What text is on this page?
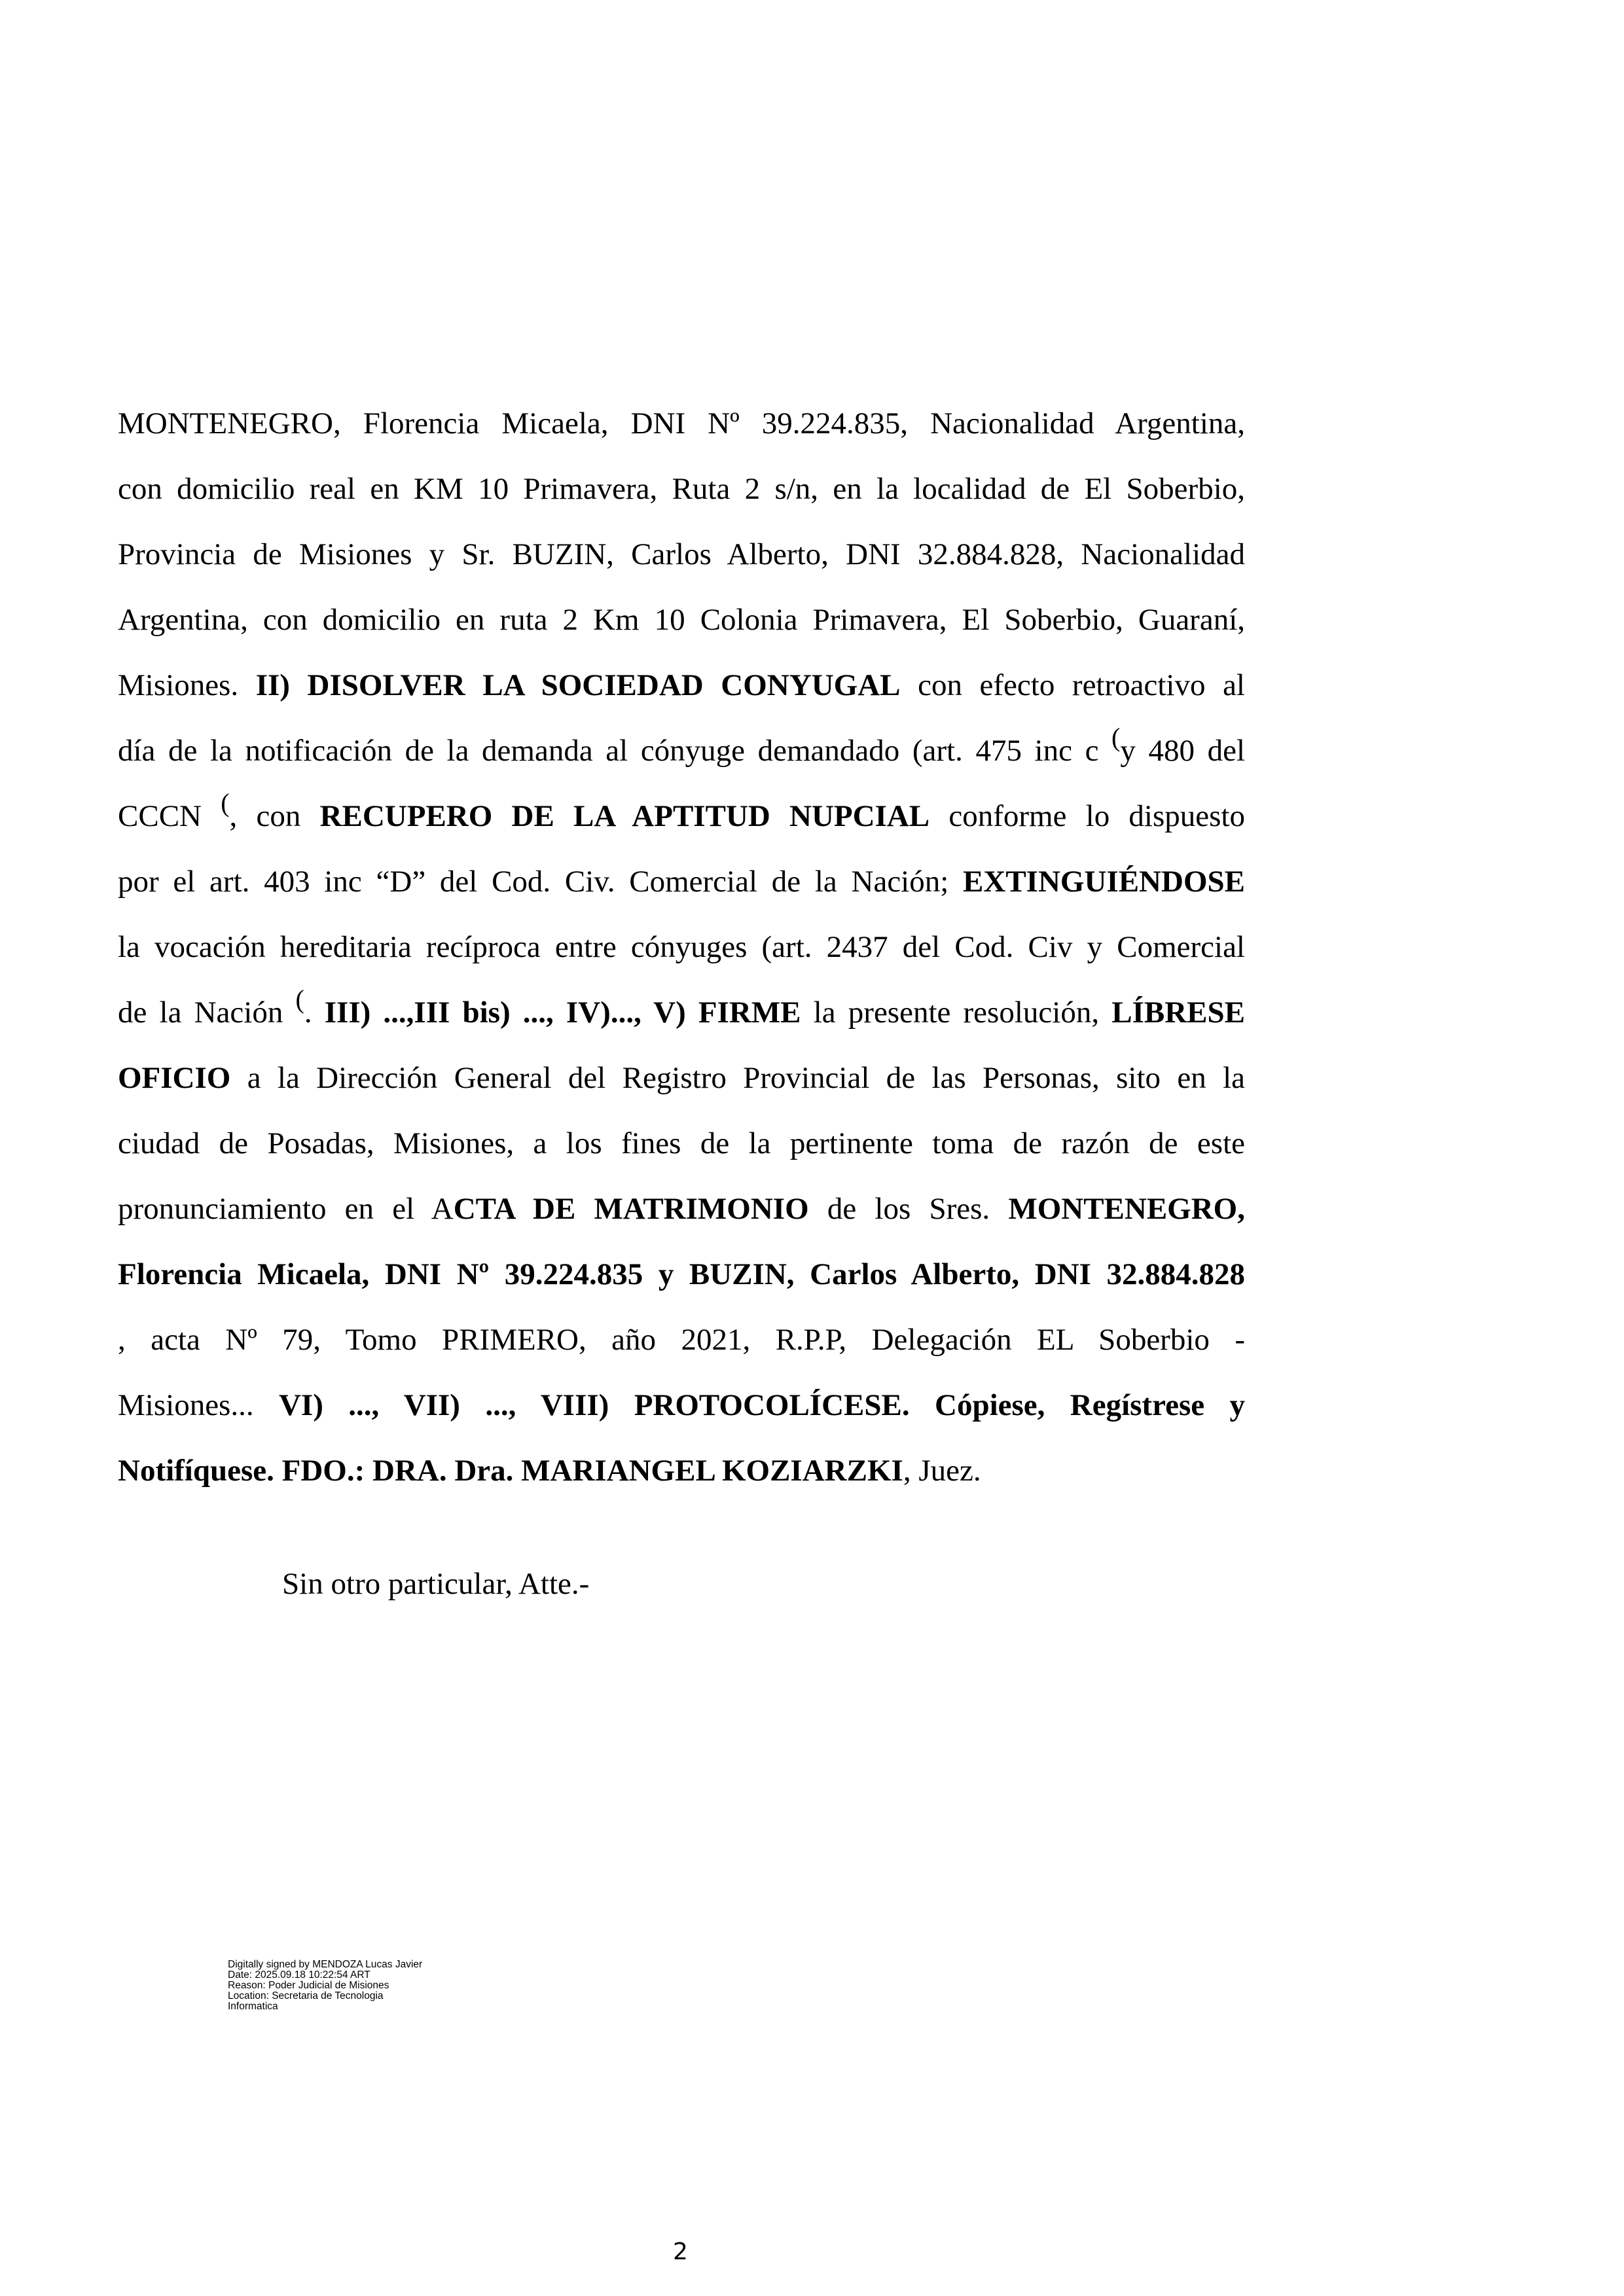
MONTENEGRO, Florencia Micaela, DNI Nº 39.224.835, Nacionalidad Argentina,
con domicilio real en KM 10 Primavera, Ruta 2 s/n, en la localidad de El Soberbio,
Provincia de Misiones y Sr. BUZIN, Carlos Alberto, DNI 32.884.828, Nacionalidad
Argentina, con domicilio en ruta 2 Km 10 Colonia Primavera, El Soberbio, Guaraní,
Misiones. II) DISOLVER LA SOCIEDAD CONYUGAL con efecto retroactivo al
día de la notificación de la demanda al cónyuge demandado (art. 475 inc c (y 480 del
CCCN (, con RECUPERO DE LA APTITUD NUPCIAL conforme lo dispuesto
por el art. 403 inc “D” del Cod. Civ. Comercial de la Nación; EXTINGUIÉNDOSE
la vocación hereditaria recíproca entre cónyuges (art. 2437 del Cod. Civ y Comercial
de la Nación (. III) ...,III bis) ..., IV)..., V) FIRME la presente resolución, LÍBRESE
OFICIO a la Dirección General del Registro Provincial de las Personas, sito en la
ciudad de Posadas, Misiones, a los fines de la pertinente toma de razón de este
pronunciamiento en el ACTA DE MATRIMONIO de los Sres. MONTENEGRO,
Florencia Micaela, DNI Nº 39.224.835 y BUZIN, Carlos Alberto, DNI 32.884.828
, acta Nº 79, Tomo PRIMERO, año 2021, R.P.P, Delegación EL Soberbio -
Misiones... VI) ..., VII) ..., VIII) PROTOCOLÍCESE. Cópiese, Regístrese y
Notifíquese. FDO.: DRA. Dra. MARIANGEL KOZIARZKI, Juez.
Sin otro particular, Atte.-
Digitally signed by MENDOZA Lucas Javier
Date: 2025.09.18 10:22:54 ART
Reason: Poder Judicial de Misiones
Location: Secretaria de Tecnologia
Informatica
2
